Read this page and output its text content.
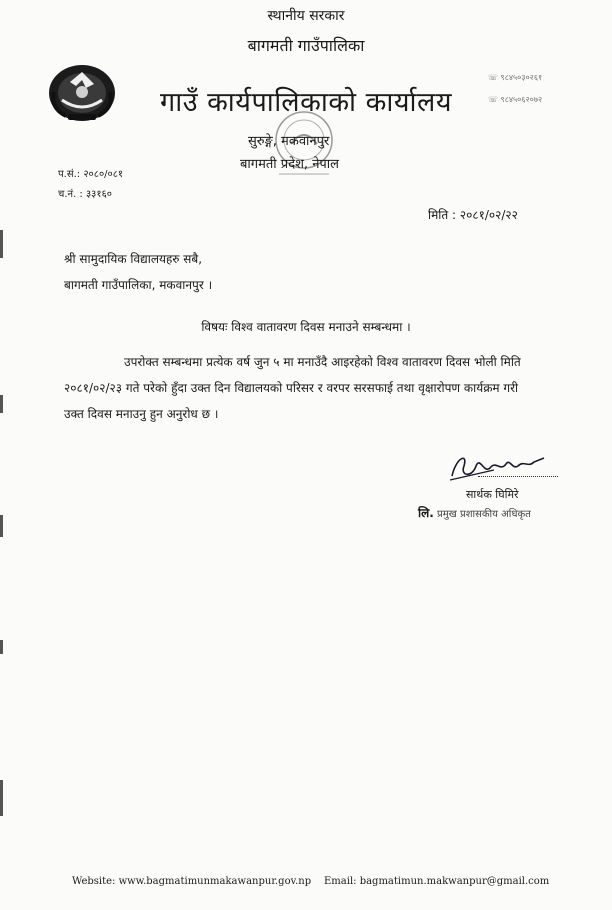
स्थानीय सरकार
बागमती गाउँपालिका
गाउँ कार्यपालिकाको कार्यालय
☏ ९८४५०३०२६१
☏ ९८४५०६२०७२
सुरुङ्गे, मकवानपुर
बागमती प्रदेश, नेपाल
प.सं.: २०८०/०८१
च.नं. : ३३१६०
मिति : २०८१/०२/२२
श्री सामुदायिक विद्यालयहरु सबै,
बागमती गाउँपालिका, मकवानपुर ।
विषयः विश्व वातावरण दिवस मनाउने सम्बन्धमा ।
उपरोक्त सम्बन्धमा प्रत्येक वर्ष जुन ५ मा मनाउँदै आइरहेको विश्व वातावरण दिवस भोली मिति २०८१/०२/२३ गते परेको हुँदा उक्त दिन विद्यालयको परिसर र वरपर सरसफाई तथा वृक्षारोपण कार्यक्रम गरी उक्त दिवस मनाउनु हुन अनुरोध छ ।
सार्थक घिमिरे
लि. प्रमुख प्रशासकीय अधिकृत
Website: www.bagmatimunmakawanpur.gov.np Email: bagmatimun.makwanpur@gmail.com
